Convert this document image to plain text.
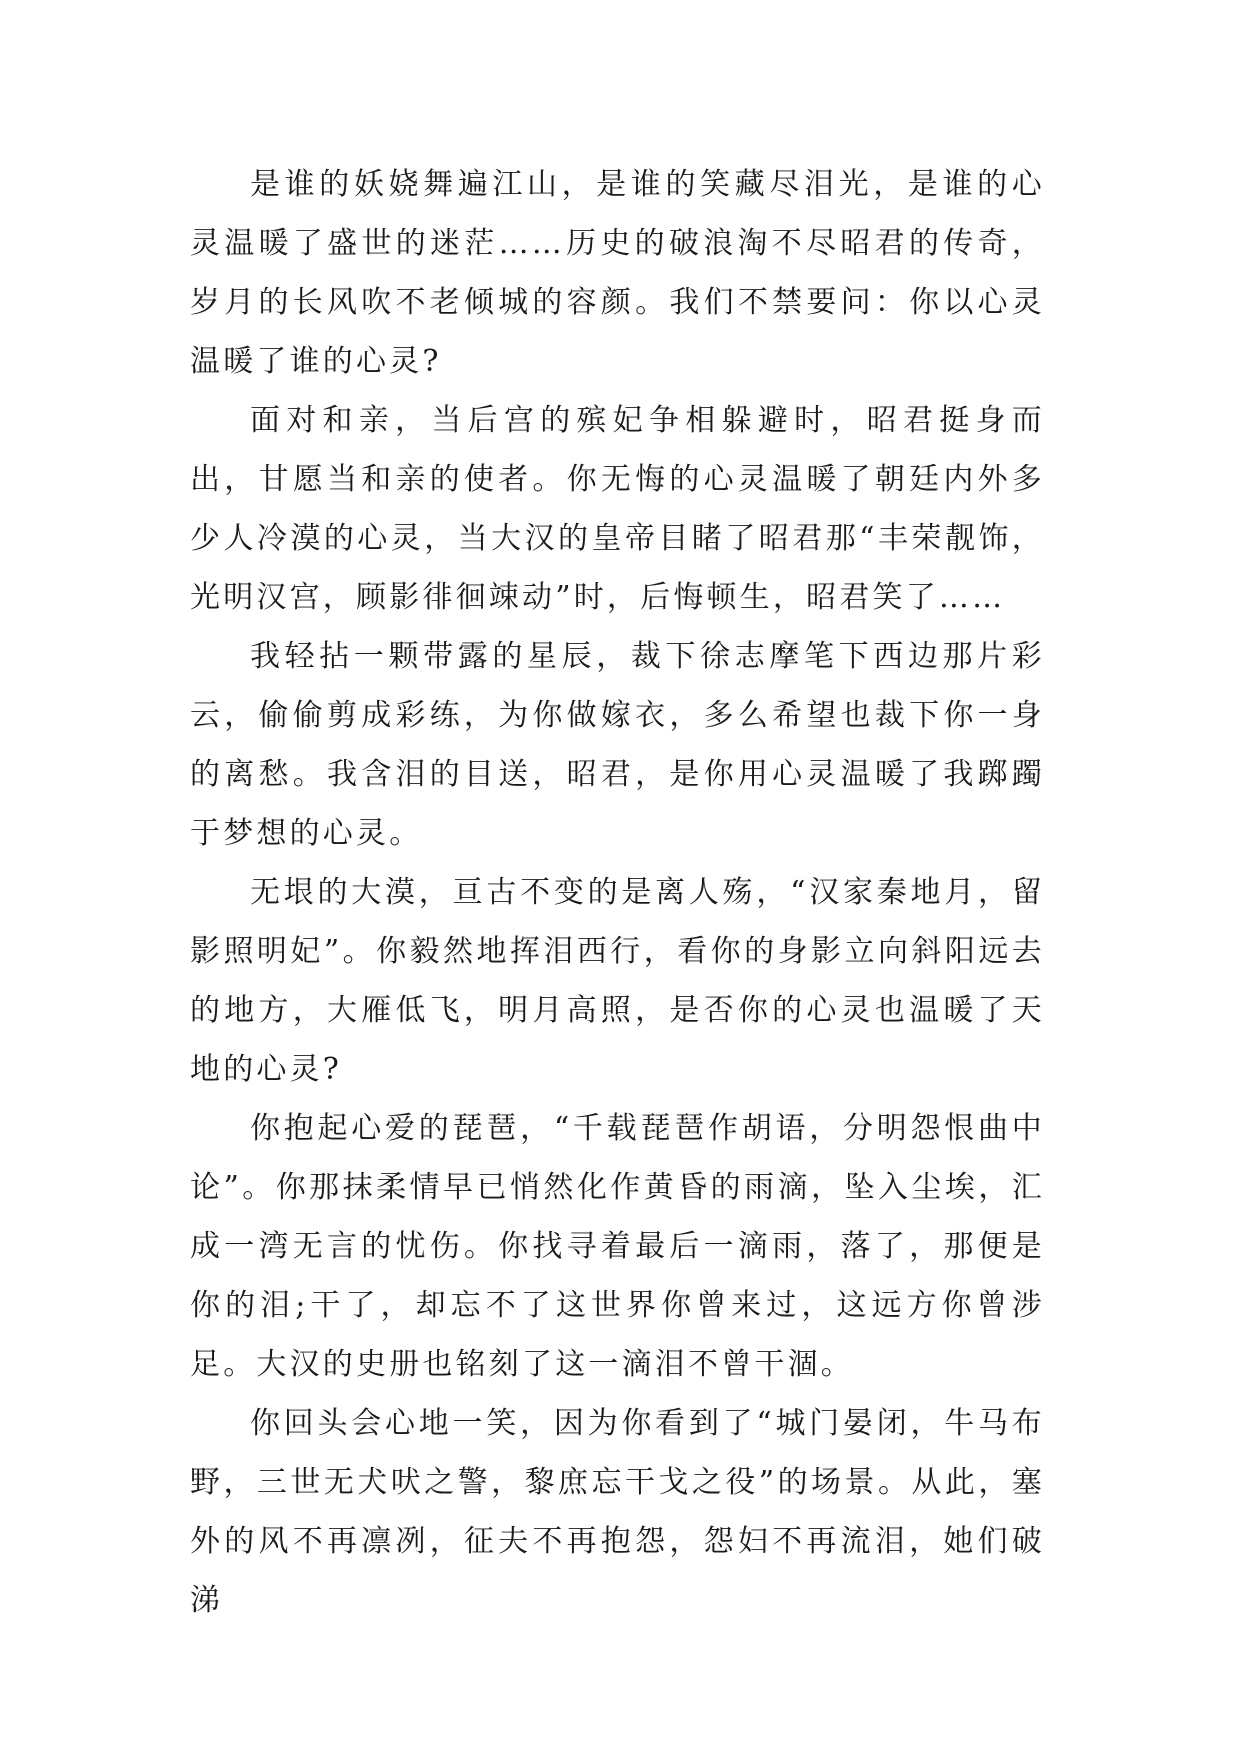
是谁的妖娆舞遍江山，是谁的笑藏尽泪光，是谁的心灵温暖了盛世的迷茫……历史的破浪淘不尽昭君的传奇，岁月的长风吹不老倾城的容颜。我们不禁要问：你以心灵温暖了谁的心灵?

面对和亲，当后宫的殡妃争相躲避时，昭君挺身而出，甘愿当和亲的使者。你无悔的心灵温暖了朝廷内外多少人冷漠的心灵，当大汉的皇帝目睹了昭君那“丰荣靓饰，光明汉宫，顾影徘徊竦动”时，后悔顿生，昭君笑了……

我轻拈一颗带露的星辰，裁下徐志摩笔下西边那片彩云，偷偷剪成彩练，为你做嫁衣，多么希望也裁下你一身的离愁。我含泪的目送，昭君，是你用心灵温暖了我踯躅于梦想的心灵。

无垠的大漠，亘古不变的是离人殇，“汉家秦地月，留影照明妃”。你毅然地挥泪西行，看你的身影立向斜阳远去的地方，大雁低飞，明月高照，是否你的心灵也温暖了天地的心灵?

你抱起心爱的琵琶，“千载琵琶作胡语，分明怨恨曲中论”。你那抹柔情早已悄然化作黄昏的雨滴，坠入尘埃，汇成一湾无言的忧伤。你找寻着最后一滴雨，落了，那便是你的泪;干了，却忘不了这世界你曾来过，这远方你曾涉足。大汉的史册也铭刻了这一滴泪不曾干涸。

你回头会心地一笑，因为你看到了“城门晏闭，牛马布野，三世无犬吠之警，黎庶忘干戈之役”的场景。从此，塞外的风不再凛冽，征夫不再抱怨，怨妇不再流泪，她们破涕
